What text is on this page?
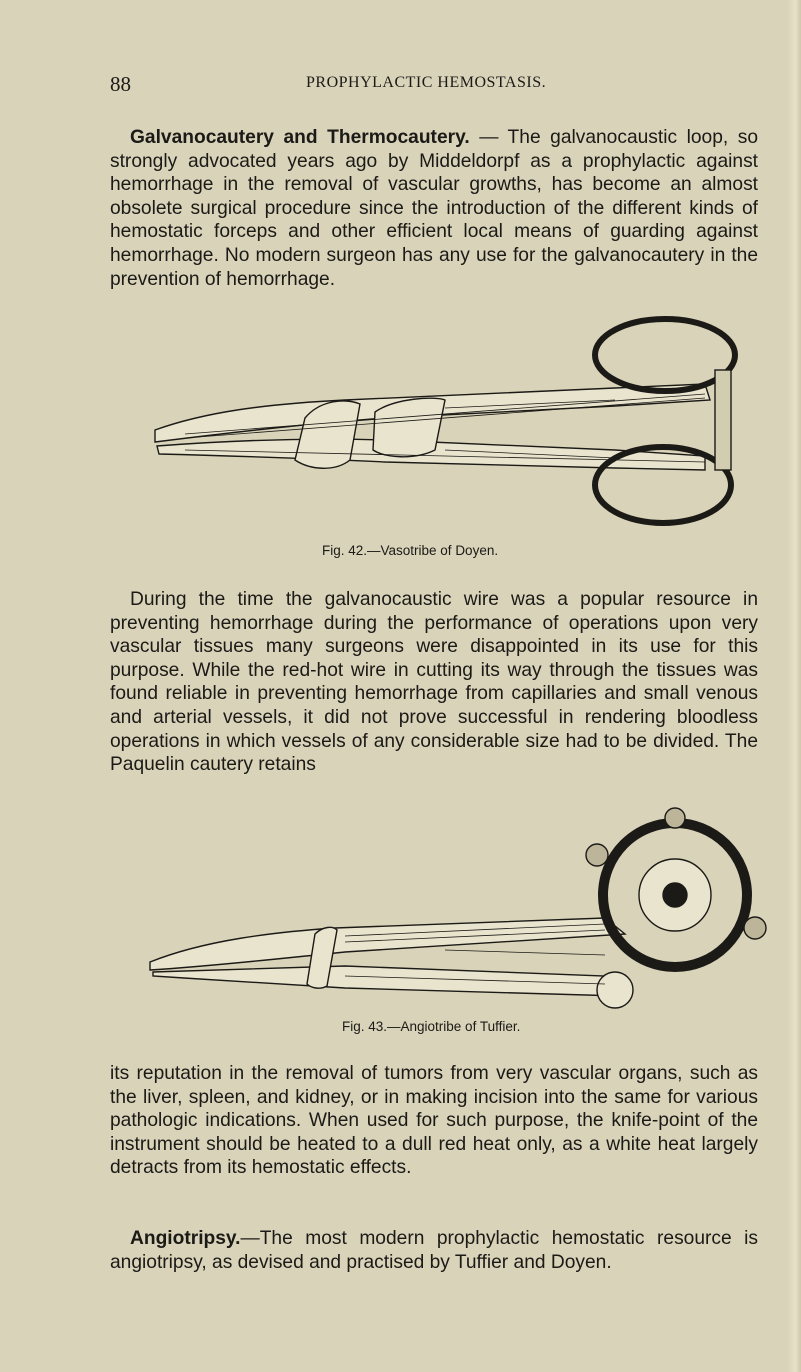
88	PROPHYLACTIC HEMOSTASIS.
Galvanocautery and Thermocautery. — The galvanocaustic loop, so strongly advocated years ago by Middeldorpf as a prophylactic against hemorrhage in the removal of vascular growths, has become an almost obsolete surgical procedure since the introduction of the different kinds of hemostatic forceps and other efficient local means of guarding against hemorrhage. No modern surgeon has any use for the galvanocautery in the prevention of hemorrhage.
Fig. 42.—Vasotribe of Doyen.
During the time the galvanocaustic wire was a popular resource in preventing hemorrhage during the performance of operations upon very vascular tissues many surgeons were disappointed in its use for this purpose. While the red-hot wire in cutting its way through the tissues was found reliable in preventing hemorrhage from capillaries and small venous and arterial vessels, it did not prove successful in rendering bloodless operations in which vessels of any considerable size had to be divided. The Paquelin cautery retains
Fig. 43.—Angiotribe of Tuffier.
its reputation in the removal of tumors from very vascular organs, such as the liver, spleen, and kidney, or in making incision into the same for various pathologic indications. When used for such purpose, the knife-point of the instrument should be heated to a dull red heat only, as a white heat largely detracts from its hemostatic effects.
Angiotripsy.—The most modern prophylactic hemostatic resource is angiotripsy, as devised and practised by Tuffier and Doyen.
